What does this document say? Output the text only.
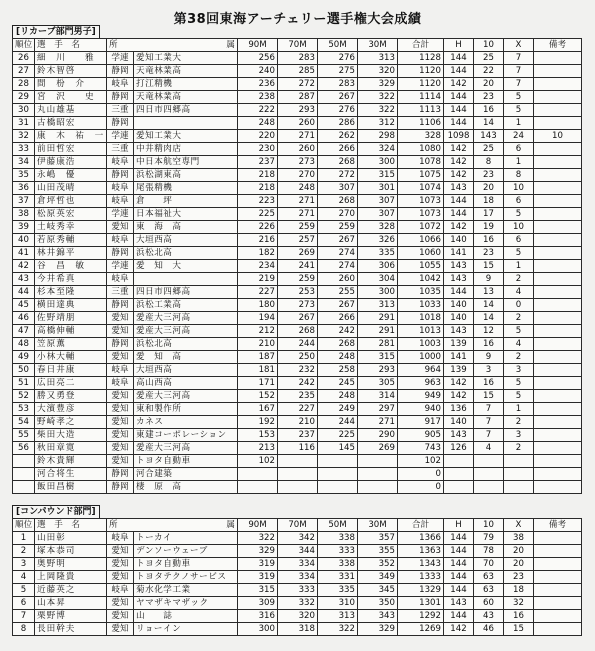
第38回東海アーチェリー選手権大会成績
[リカーブ部門男子]
順位	選　手　名	所	属	90M	70M	50M	30M	合計	H	10	X	備考
26	細　川　　雅	学連	愛知工業大	256	283	276	313	1128	144	25	7	
27	鈴木智啓	静岡	天竜林業高	240	285	275	320	1120	144	22	7	
28	間　枌　介	岐阜	打江精機	236	272	283	329	1120	142	20	7	
29	宮　沢　　史	静岡	天竜林業高	238	287	267	322	1114	144	23	5	
30	丸山雄基	三重	四日市四郷高	222	293	276	322	1113	144	16	5	
31	古橋昭宏	静岡		248	260	286	312	1106	144	14	1	
32	康　木　祐　一	学連	愛知工業大	220	271	262	298	328	1098	143	24	10
33	前田哲宏	三重	中井精肉店	230	260	266	324	1080	142	25	6	
34	伊藤康浩	岐阜	中日本航空専門	237	273	268	300	1078	142	8	1	
35	永嶋　優	静岡	浜松湖東高	218	270	272	315	1075	142	23	8	
36	山田茂晴	岐阜	尾張精機	218	248	307	301	1074	143	20	10	
37	倉坪哲也	岐阜	倉　　坪	223	271	268	307	1073	144	18	6	
38	松原英宏	学連	日本福祉大	225	271	270	307	1073	144	17	5	
39	土岐秀幸	愛知	東　海　高	226	259	259	328	1072	142	19	10	
40	若原秀輔	岐阜	大垣西高	216	257	267	326	1066	140	16	6	
41	林井錦平	静岡	浜松北高	182	269	274	335	1060	141	23	5	
42	谷　昌　敏	学連	愛　知　大	234	241	274	306	1055	143	15	1	
43	今井希真	岐阜		219	259	260	304	1042	143	9	2	
44	杉本至隆	三重	四日市四郷高	227	253	255	300	1035	144	13	4	
45	横田達典	静岡	浜松工業高	180	273	267	313	1033	140	14	0	
46	佐野靖朋	愛知	愛産大三河高	194	267	266	291	1018	140	14	2	
47	高橋伸輔	愛知	愛産大三河高	212	268	242	291	1013	143	12	5	
48	笠原薫	静岡	浜松北高	210	244	268	281	1003	139	16	4	
49	小林大輔	愛知	愛　知　高	187	250	248	315	1000	141	9	2	
50	春日井康	岐阜	大垣西高	181	232	258	293	964	139	3	3	
51	広田亮二	岐阜	高山西高	171	242	245	305	963	142	16	5	
52	勝又勇登	愛知	愛産大三河高	152	235	248	314	949	142	15	5	
53	大濱豊彦	愛知	東和製作所	167	227	249	297	940	136	7	1	
54	野崎孝之	愛知	カネス	192	210	244	271	917	140	7	2	
55	柴田大造	愛知	東建コーポレーション	153	237	225	290	905	143	7	3	
56	秋田章寛	愛知	愛産大三河高	213	116	145	269	743	126	4	2	
	鈴木貴輝	愛知	トヨタ自動車	102				102				
	河合将生	静岡	河合建築					0				
	飯田昌樹	静岡	棲　原　高					0				
[コンパウンド部門]
順位	選　手　名	所	属	90M	70M	50M	30M	合計	H	10	X	備考
1	山田彰	岐阜	トーカイ	322	342	338	357	1366	144	79	38	
2	塚本恭司	愛知	デンソーウェーブ	329	344	333	355	1363	144	78	20	
3	奥野明	愛知	トヨタ自動車	319	334	338	352	1343	144	70	20	
4	上岡隆貴	愛知	トヨタテクノサービス	319	334	331	349	1333	144	63	23	
5	近藤英之	岐阜	菊水化学工業	315	333	335	345	1329	144	63	18	
6	山本昇	愛知	ヤマザキマザック	309	332	310	350	1301	143	60	32	
7	栗野博	愛知	山　　誌	316	320	313	343	1292	144	43	16	
8	長田幹夫	愛知	リョーイン	300	318	322	329	1269	142	46	15	
